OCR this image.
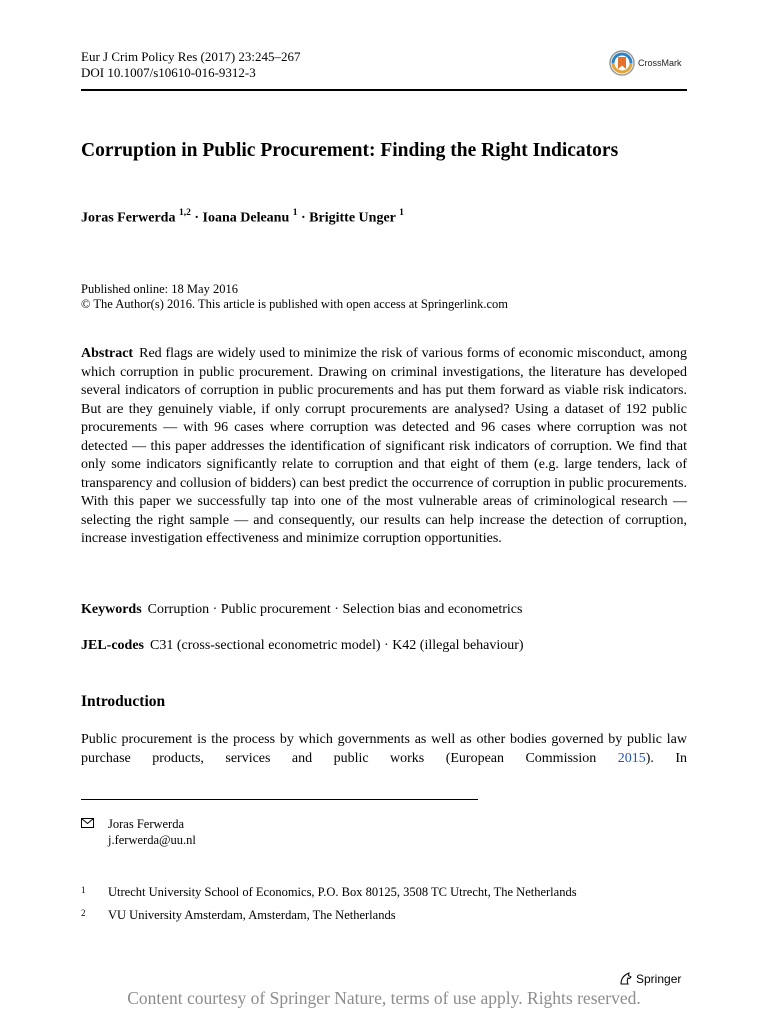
Eur J Crim Policy Res (2017) 23:245–267
DOI 10.1007/s10610-016-9312-3
CrossMark
Corruption in Public Procurement: Finding the Right Indicators
Joras Ferwerda $^{1,2}$ · Ioana Deleanu $^1$ · Brigitte Unger $^1$
Published online: 18 May 2016
© The Author(s) 2016. This article is published with open access at Springerlink.com
Abstract Red flags are widely used to minimize the risk of various forms of economic misconduct, among which corruption in public procurement. Drawing on criminal investigations, the literature has developed several indicators of corruption in public procurements and has put them forward as viable risk indicators. But are they genuinely viable, if only corrupt procurements are analysed? Using a dataset of 192 public procurements — with 96 cases where corruption was detected and 96 cases where corruption was not detected — this paper addresses the identification of significant risk indicators of corruption. We find that only some indicators significantly relate to corruption and that eight of them (e.g. large tenders, lack of transparency and collusion of bidders) can best predict the occurrence of corruption in public procurements. With this paper we successfully tap into one of the most vulnerable areas of criminological research — selecting the right sample — and consequently, our results can help increase the detection of corruption, increase investigation effectiveness and minimize corruption opportunities.
Keywords Corruption · Public procurement · Selection bias and econometrics
JEL-codes C31 (cross-sectional econometric model) · K42 (illegal behaviour)
Introduction
Public procurement is the process by which governments as well as other bodies governed by public law purchase products, services and public works (European Commission 2015). In
Joras Ferwerda
j.ferwerda@uu.nl
1 Utrecht University School of Economics, P.O. Box 80125, 3508 TC Utrecht, The Netherlands
2 VU University Amsterdam, Amsterdam, The Netherlands
Springer
Content courtesy of Springer Nature, terms of use apply. Rights reserved.
